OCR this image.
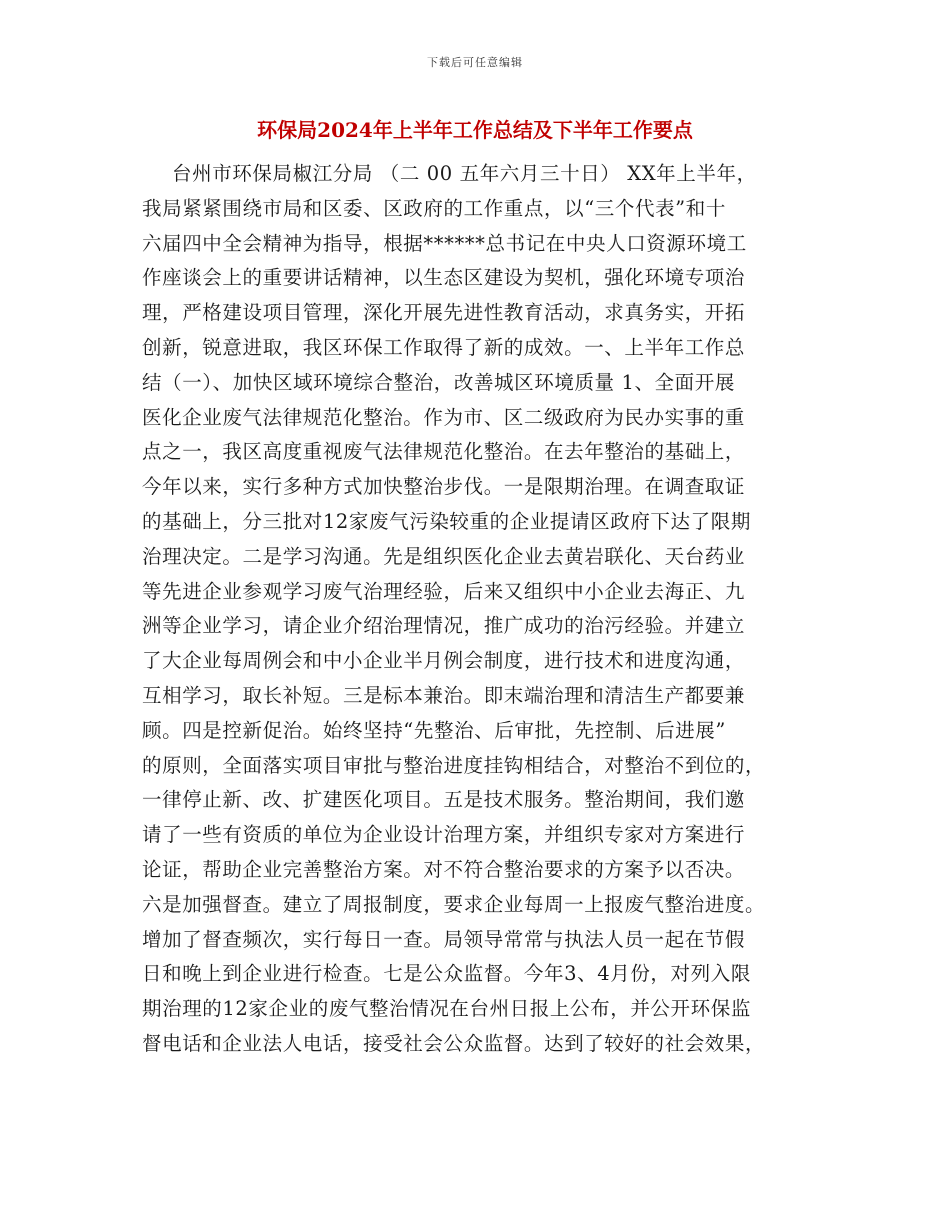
下载后可任意编辑
环保局2024年上半年工作总结及下半年工作要点
台州市环保局椒江分局 （二 00 五年六月三十日） XX年上半年，
我局紧紧围绕市局和区委、区政府的工作重点，以“三个代表”和十
六届四中全会精神为指导，根据******总书记在中央人口资源环境工
作座谈会上的重要讲话精神，以生态区建设为契机，强化环境专项治
理，严格建设项目管理，深化开展先进性教育活动，求真务实，开拓
创新，锐意进取，我区环保工作取得了新的成效。一、上半年工作总
结（一）、加快区域环境综合整治，改善城区环境质量 1、全面开展
医化企业废气法律规范化整治。作为市、区二级政府为民办实事的重
点之一，我区高度重视废气法律规范化整治。在去年整治的基础上，
今年以来，实行多种方式加快整治步伐。一是限期治理。在调查取证
的基础上，分三批对12家废气污染较重的企业提请区政府下达了限期
治理决定。二是学习沟通。先是组织医化企业去黄岩联化、天台药业
等先进企业参观学习废气治理经验，后来又组织中小企业去海正、九
洲等企业学习，请企业介绍治理情况，推广成功的治污经验。并建立
了大企业每周例会和中小企业半月例会制度，进行技术和进度沟通，
互相学习，取长补短。三是标本兼治。即末端治理和清洁生产都要兼
顾。四是控新促治。始终坚持“先整治、后审批，先控制、后进展”
的原则，全面落实项目审批与整治进度挂钩相结合，对整治不到位的，
一律停止新、改、扩建医化项目。五是技术服务。整治期间，我们邀
请了一些有资质的单位为企业设计治理方案，并组织专家对方案进行
论证，帮助企业完善整治方案。对不符合整治要求的方案予以否决。
六是加强督查。建立了周报制度，要求企业每周一上报废气整治进度。
增加了督查频次，实行每日一查。局领导常常与执法人员一起在节假
日和晚上到企业进行检查。七是公众监督。今年3、4月份，对列入限
期治理的12家企业的废气整治情况在台州日报上公布，并公开环保监
督电话和企业法人电话，接受社会公众监督。达到了较好的社会效果，
